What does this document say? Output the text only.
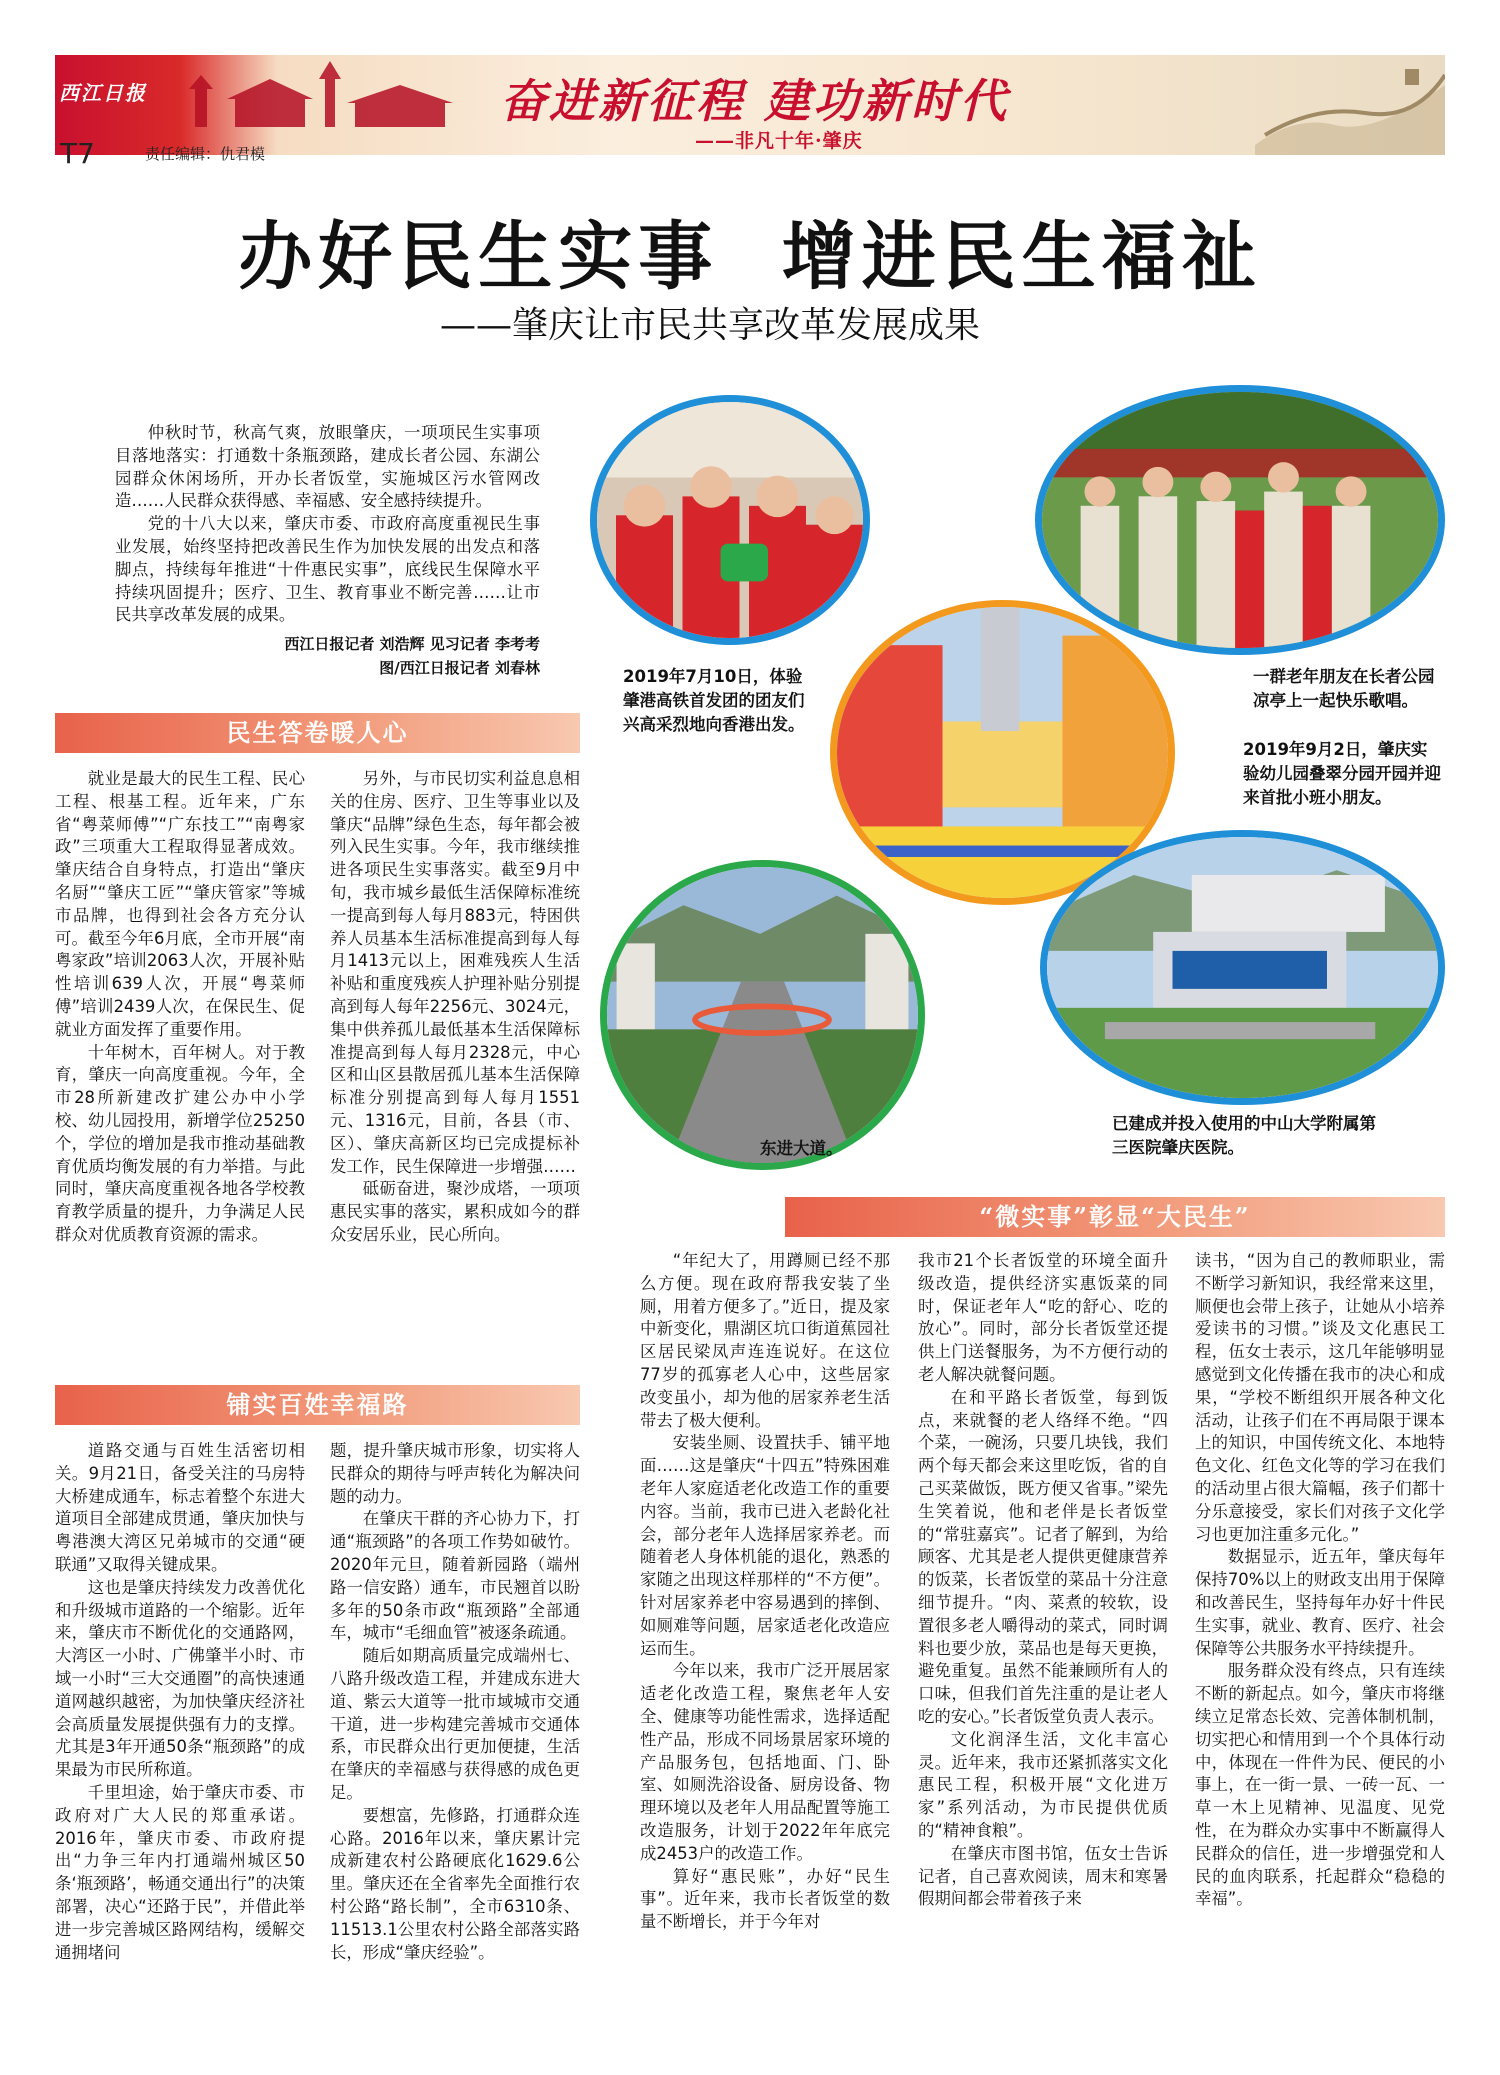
西江日报	奋进新征程 建功新时代
——非凡十年·肇庆
T7	责任编辑：仇君模
办好民生实事  增进民生福祉
——肇庆让市民共享改革发展成果

仲秋时节，秋高气爽，放眼肇庆，一项项民生实事项目落地落实：打通数十条瓶颈路，建成长者公园、东湖公园群众休闲场所，开办长者饭堂，实施城区污水管网改造……人民群众获得感、幸福感、安全感持续提升。

党的十八大以来，肇庆市委、市政府高度重视民生事业发展，始终坚持把改善民生作为加快发展的出发点和落脚点，持续每年推进“十件惠民实事”，底线民生保障水平持续巩固提升；医疗、卫生、教育事业不断完善……让市民共享改革发展的成果。

西江日报记者 刘浩辉 见习记者 李考考
图/西江日报记者 刘春林
民生答卷暖人心

就业是最大的民生工程、民心工程、根基工程。近年来，广东省“粤菜师傅”“广东技工”“南粤家政”三项重大工程取得显著成效。肇庆结合自身特点，打造出“肇庆名厨”“肇庆工匠”“肇庆管家”等城市品牌，也得到社会各方充分认可。截至今年6月底，全市开展“南粤家政”培训2063人次，开展补贴性培训639人次，开展“粤菜师傅”培训2439人次，在保民生、促就业方面发挥了重要作用。

十年树木，百年树人。对于教育，肇庆一向高度重视。今年，全市28所新建改扩建公办中小学校、幼儿园投用，新增学位25250个，学位的增加是我市推动基础教育优质均衡发展的有力举措。与此同时，肇庆高度重视各地各学校教育教学质量的提升，力争满足人民群众对优质教育资源的需求。

另外，与市民切实利益息息相关的住房、医疗、卫生等事业以及肇庆“品牌”绿色生态，每年都会被列入民生实事。今年，我市继续推进各项民生实事落实。截至9月中旬，我市城乡最低生活保障标准统一提高到每人每月883元，特困供养人员基本生活标准提高到每人每月1413元以上，困难残疾人生活补贴和重度残疾人护理补贴分别提高到每人每年2256元、3024元，集中供养孤儿最低基本生活保障标准提高到每人每月2328元，中心区和山区县散居孤儿基本生活保障标准分别提高到每人每月1551元、1316元，目前，各县（市、区）、肇庆高新区均已完成提标补发工作，民生保障进一步增强……

砥砺奋进，聚沙成塔，一项项惠民实事的落实，累积成如今的群众安居乐业，民心所向。

铺实百姓幸福路

道路交通与百姓生活密切相关。9月21日，备受关注的马房特大桥建成通车，标志着整个东进大道项目全部建成贯通，肇庆加快与粤港澳大湾区兄弟城市的交通“硬联通”又取得关键成果。

这也是肇庆持续发力改善优化和升级城市道路的一个缩影。近年来，肇庆市不断优化的交通路网，大湾区一小时、广佛肇半小时、市域一小时“三大交通圈”的高快速通道网越织越密，为加快肇庆经济社会高质量发展提供强有力的支撑。尤其是3年开通50条“瓶颈路”的成果最为市民所称道。

千里坦途，始于肇庆市委、市政府对广大人民的郑重承诺。2016年，肇庆市委、市政府提出“力争三年内打通端州城区50条‘瓶颈路’，畅通交通出行”的决策部署，决心“还路于民”，并借此举进一步完善城区路网结构，缓解交通拥堵问

题，提升肇庆城市形象，切实将人民群众的期待与呼声转化为解决问题的动力。

在肇庆干群的齐心协力下，打通“瓶颈路”的各项工作势如破竹。2020年元旦，随着新园路（端州路一信安路）通车，市民翘首以盼多年的50条市政“瓶颈路”全部通车，城市“毛细血管”被逐条疏通。

随后如期高质量完成端州七、八路升级改造工程，并建成东进大道、紫云大道等一批市域城市交通干道，进一步构建完善城市交通体系，市民群众出行更加便捷，生活在肇庆的幸福感与获得感的成色更足。

要想富，先修路，打通群众连心路。2016年以来，肇庆累计完成新建农村公路硬底化1629.6公里。肇庆还在全省率先全面推行农村公路“路长制”，全市6310条、11513.1公里农村公路全部落实路长，形成“肇庆经验”。

“微实事”彰显“大民生”

“年纪大了，用蹲厕已经不那么方便。现在政府帮我安装了坐厕，用着方便多了。”近日，提及家中新变化，鼎湖区坑口街道蕉园社区居民梁凤声连连说好。在这位77岁的孤寡老人心中，这些居家改变虽小，却为他的居家养老生活带去了极大便利。

安装坐厕、设置扶手、铺平地面……这是肇庆“十四五”特殊困难老年人家庭适老化改造工作的重要内容。当前，我市已进入老龄化社会，部分老年人选择居家养老。而随着老人身体机能的退化，熟悉的家随之出现这样那样的“不方便”。针对居家养老中容易遇到的摔倒、如厕难等问题，居家适老化改造应运而生。

今年以来，我市广泛开展居家适老化改造工程，聚焦老年人安全、健康等功能性需求，选择适配性产品，形成不同场景居家环境的产品服务包，包括地面、门、卧室、如厕洗浴设备、厨房设备、物理环境以及老年人用品配置等施工改造服务，计划于2022年年底完成2453户的改造工作。

算好“惠民账”，办好“民生事”。近年来，我市长者饭堂的数量不断增长，并于今年对

我市21个长者饭堂的环境全面升级改造，提供经济实惠饭菜的同时，保证老年人“吃的舒心、吃的放心”。同时，部分长者饭堂还提供上门送餐服务，为不方便行动的老人解决就餐问题。

在和平路长者饭堂，每到饭点，来就餐的老人络绎不绝。“四个菜，一碗汤，只要几块钱，我们两个每天都会来这里吃饭，省的自己买菜做饭，既方便又省事。”梁先生笑着说，他和老伴是长者饭堂的“常驻嘉宾”。记者了解到，为给顾客、尤其是老人提供更健康营养的饭菜，长者饭堂的菜品十分注意细节提升。“肉、菜煮的较软，设置很多老人嚼得动的菜式，同时调料也要少放，菜品也是每天更换，避免重复。虽然不能兼顾所有人的口味，但我们首先注重的是让老人吃的安心。”长者饭堂负责人表示。

文化润泽生活，文化丰富心灵。近年来，我市还紧抓落实文化惠民工程，积极开展“文化进万家”系列活动，为市民提供优质的“精神食粮”。

在肇庆市图书馆，伍女士告诉记者，自己喜欢阅读，周末和寒暑假期间都会带着孩子来

读书，“因为自己的教师职业，需不断学习新知识，我经常来这里，顺便也会带上孩子，让她从小培养爱读书的习惯。”谈及文化惠民工程，伍女士表示，这几年能够明显感觉到文化传播在我市的决心和成果，“学校不断组织开展各种文化活动，让孩子们在不再局限于课本上的知识，中国传统文化、本地特色文化、红色文化等的学习在我们的活动里占很大篇幅，孩子们都十分乐意接受，家长们对孩子文化学习也更加注重多元化。”

数据显示，近五年，肇庆每年保持70%以上的财政支出用于保障和改善民生，坚持每年办好十件民生实事，就业、教育、医疗、社会保障等公共服务水平持续提升。

服务群众没有终点，只有连续不断的新起点。如今，肇庆市将继续立足常态长效、完善体制机制，切实把心和情用到一个个具体行动中，体现在一件件为民、便民的小事上，在一街一景、一砖一瓦、一草一木上见精神、见温度、见党性，在为群众办实事中不断赢得人民群众的信任，进一步增强党和人民的血肉联系，托起群众“稳稳的幸福”。

2019年7月10日，体验肇港高铁首发团的团友们兴高采烈地向香港出发。
一群老年朋友在长者公园凉亭上一起快乐歌唱。
2019年9月2日，肇庆实验幼儿园叠翠分园开园并迎来首批小班小朋友。
东进大道。
已建成并投入使用的中山大学附属第三医院肇庆医院。
